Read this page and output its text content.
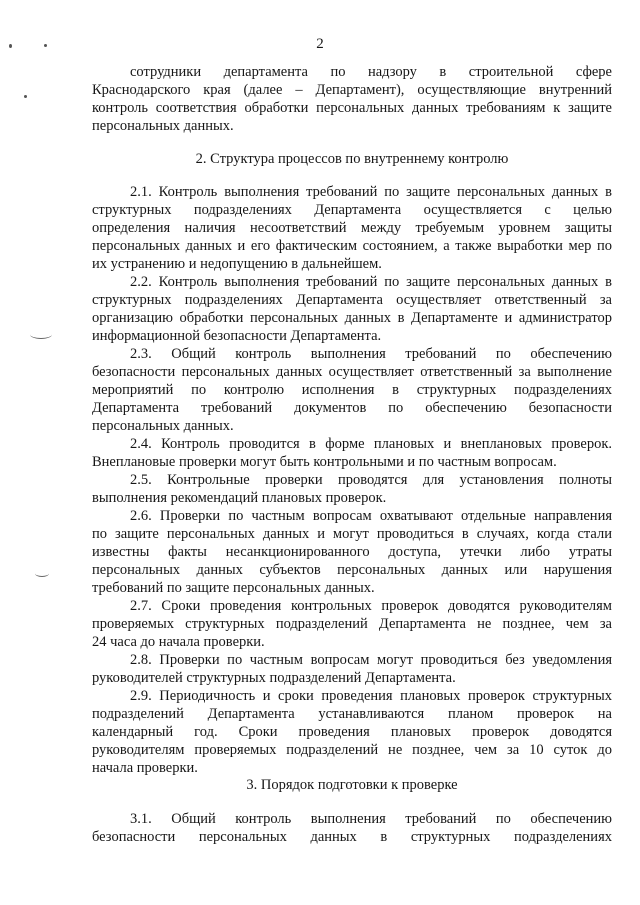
2
сотрудники департамента по надзору в строительной сфере
Краснодарского края (далее – Департамент), осуществляющие внутренний
контроль соответствия обработки персональных данных требованиям к защите
персональных данных.
2. Структура процессов по внутреннему контролю
2.1. Контроль выполнения требований по защите персональных данных в
структурных подразделениях Департамента осуществляется с целью
определения наличия несоответствий между требуемым уровнем защиты
персональных данных и его фактическим состоянием, а также выработки мер по
их устранению и недопущению в дальнейшем.
2.2. Контроль выполнения требований по защите персональных данных в
структурных подразделениях Департамента осуществляет ответственный за
организацию обработки персональных данных в Департаменте и администратор
информационной безопасности Департамента.
2.3. Общий контроль выполнения требований по обеспечению
безопасности персональных данных осуществляет ответственный за выполнение
мероприятий по контролю исполнения в структурных подразделениях
Департамента требований документов по обеспечению безопасности
персональных данных.
2.4. Контроль проводится в форме плановых и внеплановых проверок.
Внеплановые проверки могут быть контрольными и по частным вопросам.
2.5. Контрольные проверки проводятся для установления полноты
выполнения рекомендаций плановых проверок.
2.6. Проверки по частным вопросам охватывают отдельные направления
по защите персональных данных и могут проводиться в случаях, когда стали
известны факты несанкционированного доступа, утечки либо утраты
персональных данных субъектов персональных данных или нарушения
требований по защите персональных данных.
2.7. Сроки проведения контрольных проверок доводятся руководителям
проверяемых структурных подразделений Департамента не позднее, чем за
24 часа до начала проверки.
2.8. Проверки по частным вопросам могут проводиться без уведомления
руководителей структурных подразделений Департамента.
2.9. Периодичность и сроки проведения плановых проверок структурных
подразделений Департамента устанавливаются планом проверок на
календарный год. Сроки проведения плановых проверок доводятся
руководителям проверяемых подразделений не позднее, чем за 10 суток до
начала проверки.
3. Порядок подготовки к проверке
3.1. Общий контроль выполнения требований по обеспечению
безопасности персональных данных в структурных подразделениях
